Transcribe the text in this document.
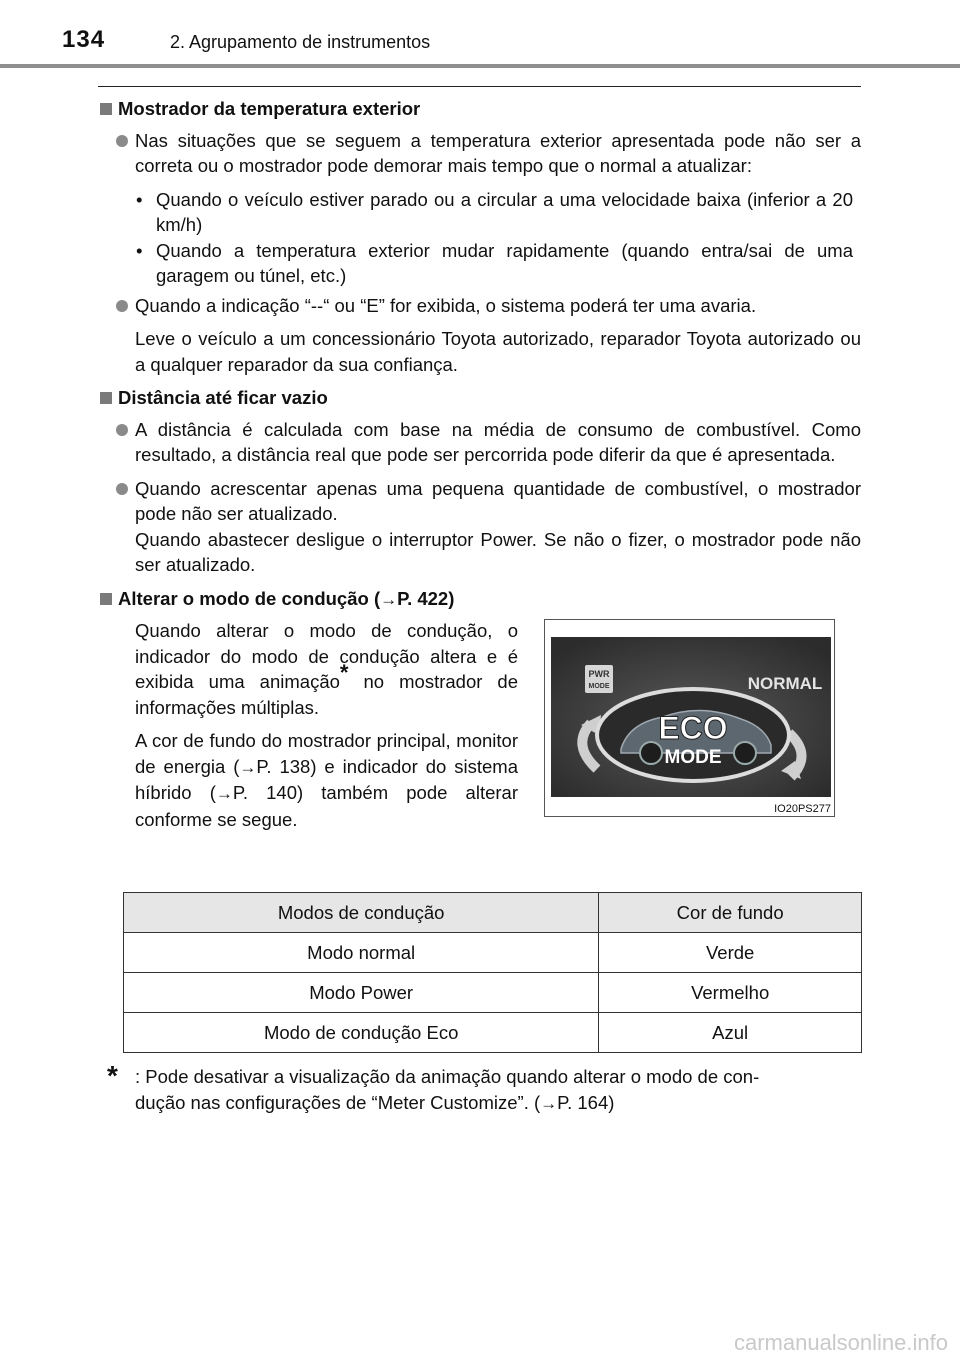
134	2. Agrupamento de instrumentos
Mostrador da temperatura exterior
Nas situações que se seguem a temperatura exterior apresentada pode não ser a correta ou o mostrador pode demorar mais tempo que o normal a atualizar:
• Quando o veículo estiver parado ou a circular a uma velocidade baixa (inferior a 20 km/h)
• Quando a temperatura exterior mudar rapidamente (quando entra/sai de uma garagem ou túnel, etc.)
Quando a indicação “--“ ou “E” for exibida, o sistema poderá ter uma avaria.
Leve o veículo a um concessionário Toyota autorizado, reparador Toyota autorizado ou a qualquer reparador da sua confiança.
Distância até ficar vazio
A distância é calculada com base na média de consumo de combustível. Como resultado, a distância real que pode ser percorrida pode diferir da que é apresentada.
Quando acrescentar apenas uma pequena quantidade de combustível, o mostrador pode não ser atualizado.
Quando abastecer desligue o interruptor Power. Se não o fizer, o mostrador pode não ser atualizado.
Alterar o modo de condução (→P. 422)

Quando alterar o modo de condução, o indicador do modo de condução altera e é exibida uma animação* no mostrador de informações múltiplas.

A cor de fundo do mostrador principal, monitor de energia (→P. 138) e indicador do sistema híbrido (→P. 140) também pode alterar conforme se segue.

PWR
MODE	NORMAL
ECO
MODE
IO20PS277
Modos de condução	Cor de fundo
Modo normal	Verde
Modo Power	Vermelho
Modo de condução Eco	Azul
* : Pode desativar a visualização da animação quando alterar o modo de con-
dução nas configurações de “Meter Customize”. (→P. 164)
carmanualsonline.info
